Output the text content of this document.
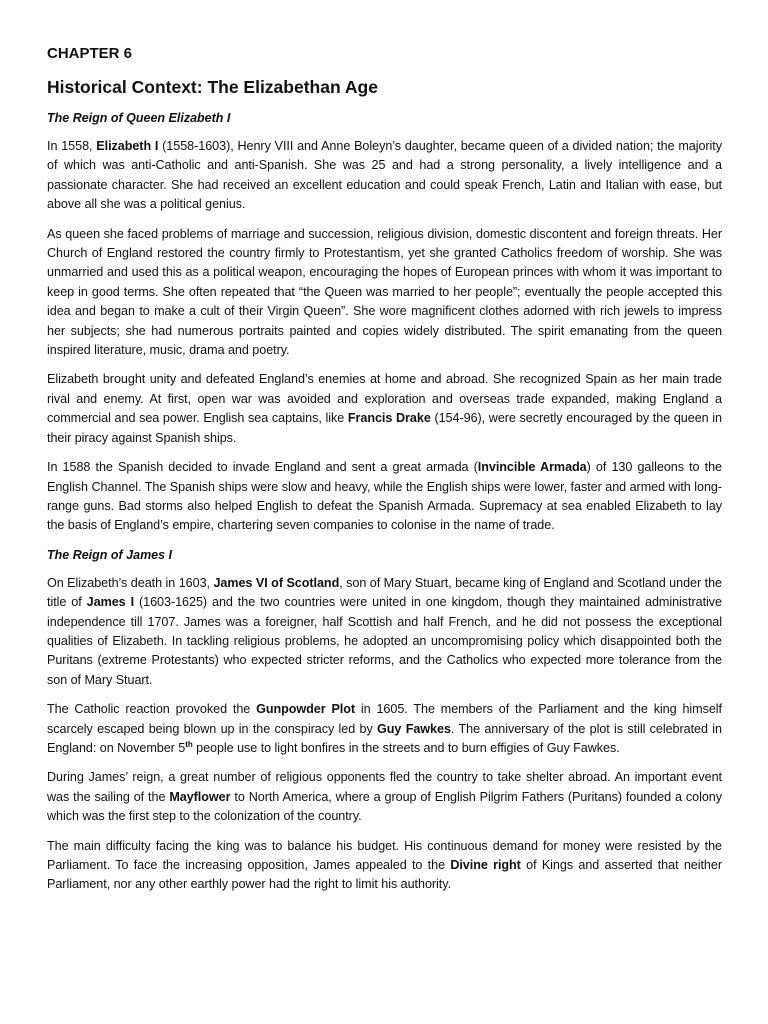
CHAPTER 6
Historical Context: The Elizabethan Age
The Reign of Queen Elizabeth I

In 1558, Elizabeth I (1558-1603), Henry VIII and Anne Boleyn’s daughter, became queen of a divided nation; the majority of which was anti-Catholic and anti-Spanish. She was 25 and had a strong personality, a lively intelligence and a passionate character. She had received an excellent education and could speak French, Latin and Italian with ease, but above all she was a political genius.

As queen she faced problems of marriage and succession, religious division, domestic discontent and foreign threats. Her Church of England restored the country firmly to Protestantism, yet she granted Catholics freedom of worship. She was unmarried and used this as a political weapon, encouraging the hopes of European princes with whom it was important to keep in good terms. She often repeated that “the Queen was married to her people”; eventually the people accepted this idea and began to make a cult of their Virgin Queen”. She wore magnificent clothes adorned with rich jewels to impress her subjects; she had numerous portraits painted and copies widely distributed. The spirit emanating from the queen inspired literature, music, drama and poetry.

Elizabeth brought unity and defeated England’s enemies at home and abroad. She recognized Spain as her main trade rival and enemy. At first, open war was avoided and exploration and overseas trade expanded, making England a commercial and sea power. English sea captains, like Francis Drake (154-96), were secretly encouraged by the queen in their piracy against Spanish ships.

In 1588 the Spanish decided to invade England and sent a great armada (Invincible Armada) of 130 galleons to the English Channel. The Spanish ships were slow and heavy, while the English ships were lower, faster and armed with long-range guns. Bad storms also helped English to defeat the Spanish Armada. Supremacy at sea enabled Elizabeth to lay the basis of England’s empire, chartering seven companies to colonise in the name of trade.

The Reign of James I

On Elizabeth’s death in 1603, James VI of Scotland, son of Mary Stuart, became king of England and Scotland under the title of James I (1603-1625) and the two countries were united in one kingdom, though they maintained administrative independence till 1707. James was a foreigner, half Scottish and half French, and he did not possess the exceptional qualities of Elizabeth. In tackling religious problems, he adopted an uncompromising policy which disappointed both the Puritans (extreme Protestants) who expected stricter reforms, and the Catholics who expected more tolerance from the son of Mary Stuart.

The Catholic reaction provoked the Gunpowder Plot in 1605. The members of the Parliament and the king himself scarcely escaped being blown up in the conspiracy led by Guy Fawkes. The anniversary of the plot is still celebrated in England: on November 5th people use to light bonfires in the streets and to burn effigies of Guy Fawkes.

During James’ reign, a great number of religious opponents fled the country to take shelter abroad. An important event was the sailing of the Mayflower to North America, where a group of English Pilgrim Fathers (Puritans) founded a colony which was the first step to the colonization of the country.

The main difficulty facing the king was to balance his budget. His continuous demand for money were resisted by the Parliament. To face the increasing opposition, James appealed to the Divine right of Kings and asserted that neither Parliament, nor any other earthly power had the right to limit his authority.
